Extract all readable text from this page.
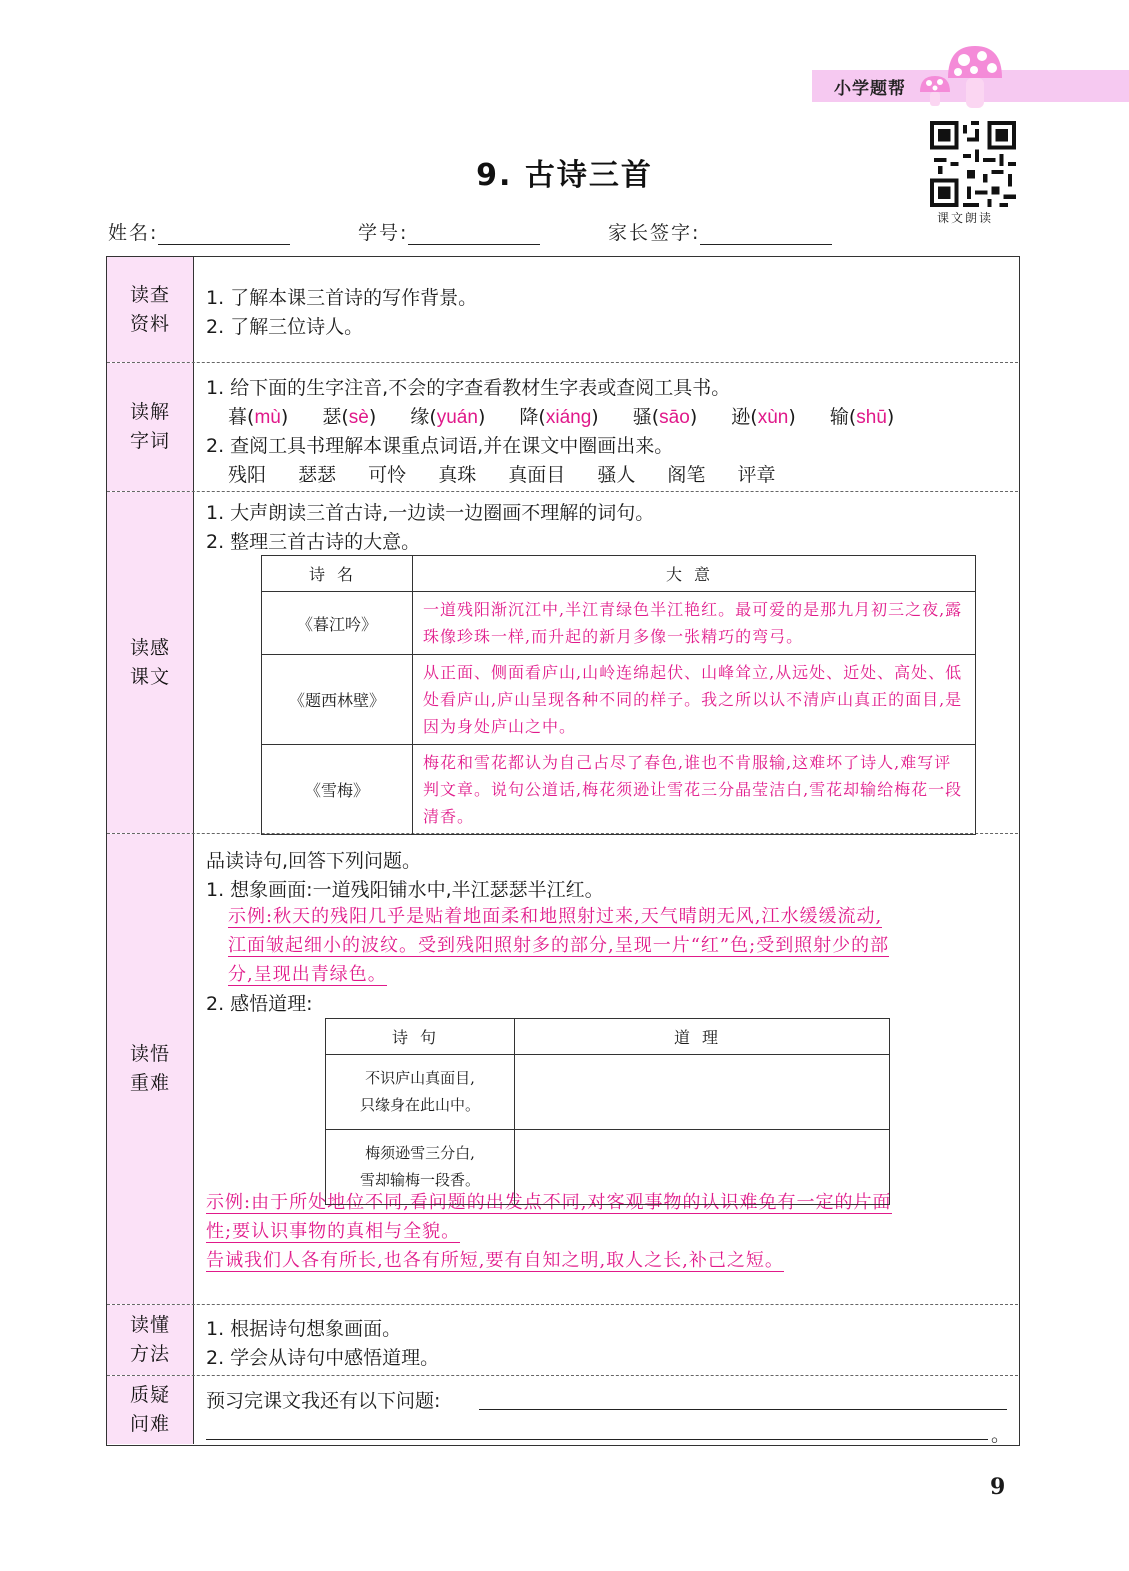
小学题帮
课文朗读
9. 古诗三首
姓名:	学号:	家长签字:
读查
资料
1. 了解本课三首诗的写作背景。
2. 了解三位诗人。
读解
字词
1. 给下面的生字注音,不会的字查看教材生字表或查阅工具书。
暮(mù) 瑟(sè) 缘(yuán) 降(xiáng) 骚(sāo) 逊(xùn) 输(shū)
2. 查阅工具书理解本课重点词语,并在课文中圈画出来。
残阳 瑟瑟 可怜 真珠 真面目 骚人 阁笔 评章
读感
课文
1. 大声朗读三首古诗,一边读一边圈画不理解的词句。
2. 整理三首古诗的大意。
诗名	大意
《暮江吟》	一道残阳渐沉江中,半江青绿色半江艳红。最可爱的是那九月初三之夜,露珠像珍珠一样,而升起的新月多像一张精巧的弯弓。
《题西林壁》	从正面、侧面看庐山,山岭连绵起伏、山峰耸立,从远处、近处、高处、低处看庐山,庐山呈现各种不同的样子。我之所以认不清庐山真正的面目,是因为身处庐山之中。
《雪梅》	梅花和雪花都认为自己占尽了春色,谁也不肯服输,这难坏了诗人,难写评判文章。说句公道话,梅花须逊让雪花三分晶莹洁白,雪花却输给梅花一段清香。
读悟
重难
品读诗句,回答下列问题。
1. 想象画面:一道残阳铺水中,半江瑟瑟半江红。
示例:秋天的残阳几乎是贴着地面柔和地照射过来,天气晴朗无风,江水缓缓流动,
江面皱起细小的波纹。受到残阳照射多的部分,呈现一片“红”色;受到照射少的部
分,呈现出青绿色。
2. 感悟道理:
示例:由于所处地位不同,看问题的出发点不同,对客观事物的认识难免有一定的片面
性;要认识事物的真相与全貌。
告诫我们人各有所长,也各有所短,要有自知之明,取人之长,补己之短。
诗句	道理

不识庐山真面目,
只缘身在此山中。	

梅须逊雪三分白,
雪却输梅一段香。	

读懂
方法
1. 根据诗句想象画面。
2. 学会从诗句中感悟道理。
质疑
问难
预习完课文我还有以下问题:
。
9
